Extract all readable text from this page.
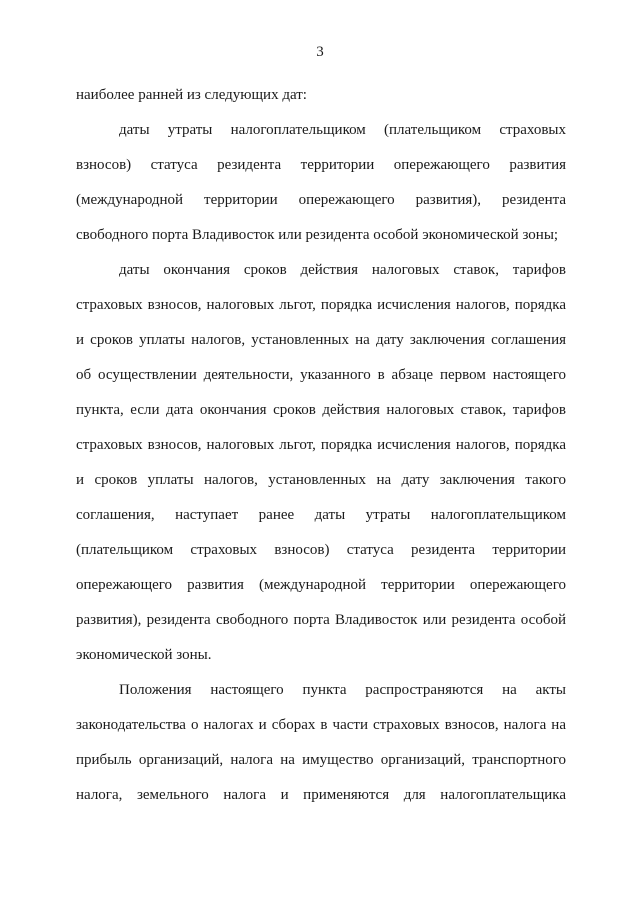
3
наиболее ранней из следующих дат:
даты утраты налогоплательщиком (плательщиком страховых
взносов) статуса резидента территории опережающего развития
(международной территории опережающего развития), резидента
свободного порта Владивосток или резидента особой экономической зоны;
даты окончания сроков действия налоговых ставок, тарифов
страховых взносов, налоговых льгот, порядка исчисления налогов, порядка
и сроков уплаты налогов, установленных на дату заключения соглашения
об осуществлении деятельности, указанного в абзаце первом настоящего
пункта, если дата окончания сроков действия налоговых ставок, тарифов
страховых взносов, налоговых льгот, порядка исчисления налогов, порядка
и сроков уплаты налогов, установленных на дату заключения такого
соглашения, наступает ранее даты утраты налогоплательщиком
(плательщиком страховых взносов) статуса резидента территории
опережающего развития (международной территории опережающего
развития), резидента свободного порта Владивосток или резидента особой
экономической зоны.
Положения настоящего пункта распространяются на акты
законодательства о налогах и сборах в части страховых взносов, налога на
прибыль организаций, налога на имущество организаций, транспортного
налога, земельного налога и применяются для налогоплательщика
